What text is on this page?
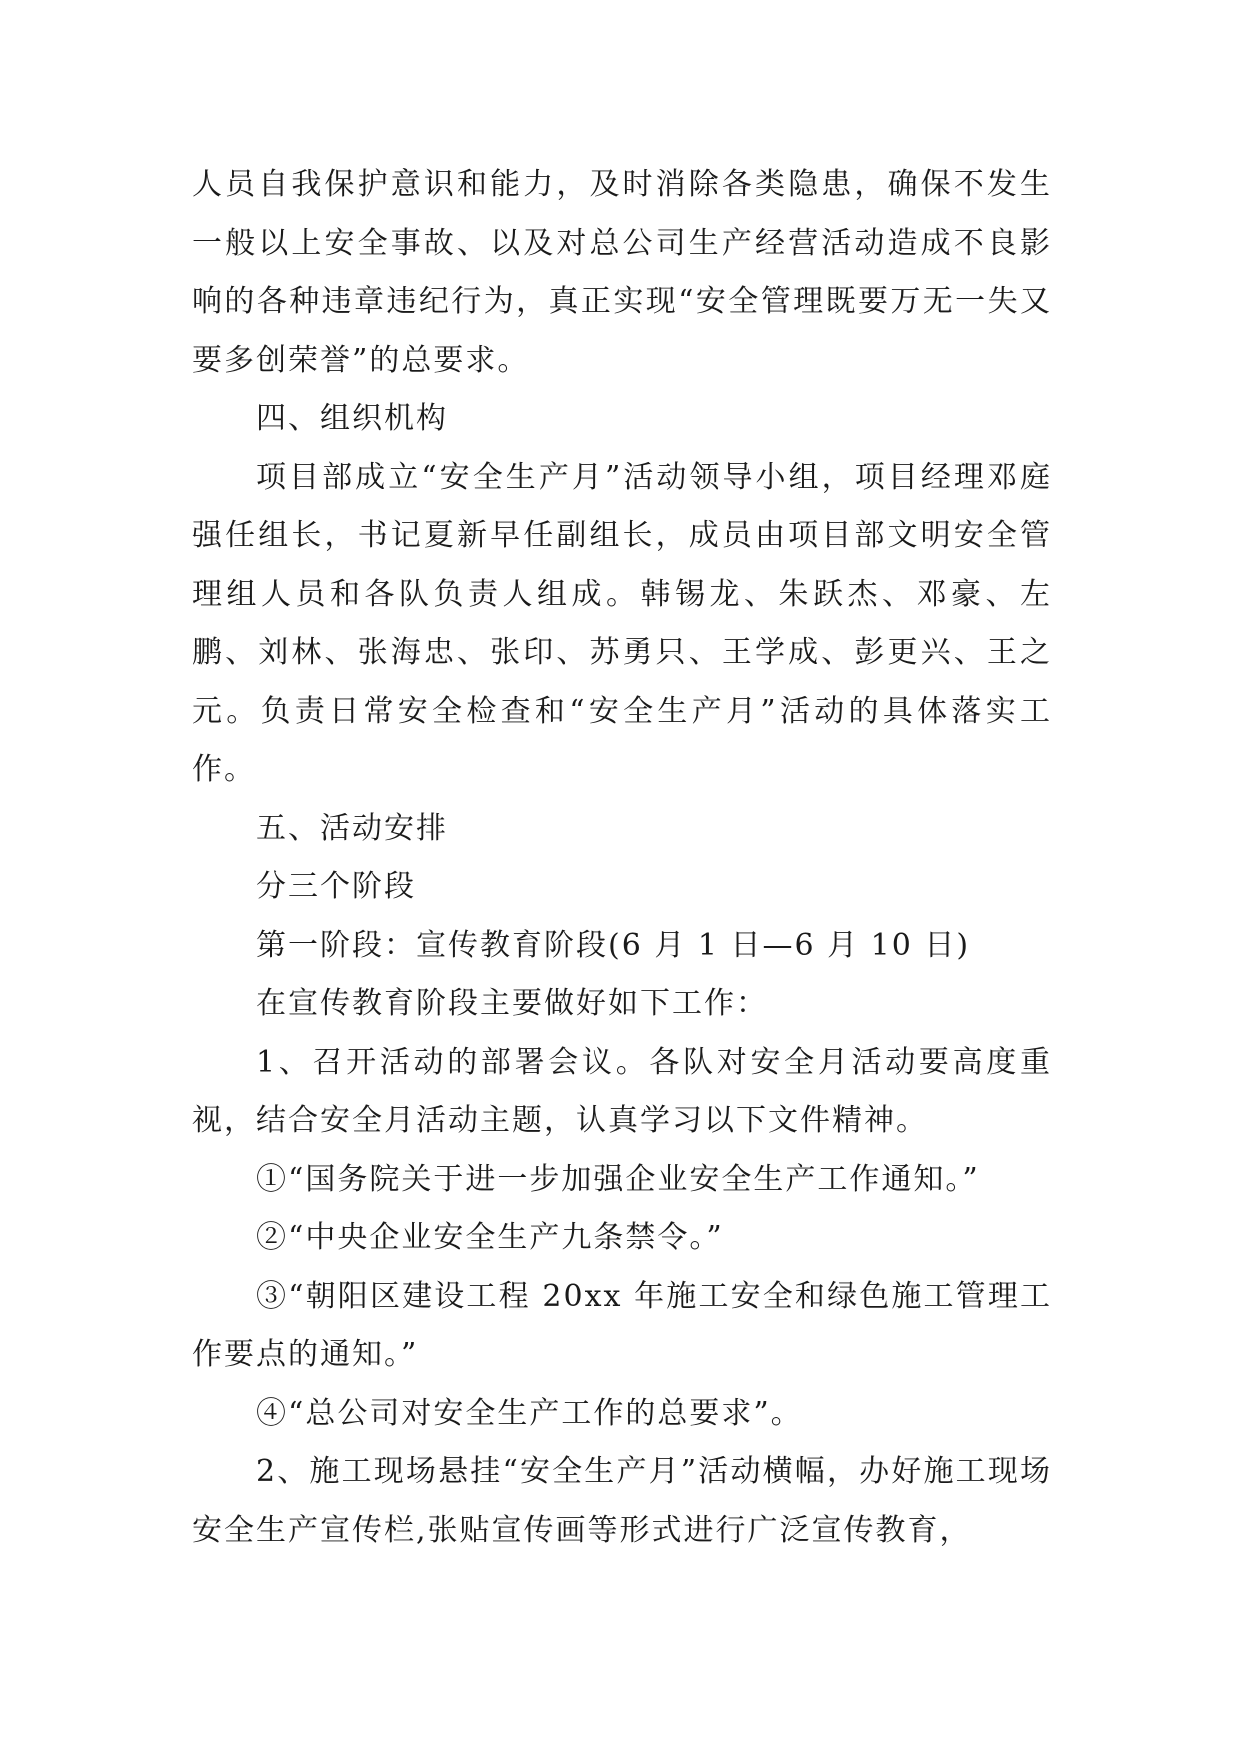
人员自我保护意识和能力，及时消除各类隐患，确保不发生一般以上安全事故、以及对总公司生产经营活动造成不良影响的各种违章违纪行为，真正实现“安全管理既要万无一失又要多创荣誉”的总要求。

四、组织机构

项目部成立“安全生产月”活动领导小组，项目经理邓庭强任组长，书记夏新早任副组长，成员由项目部文明安全管理组人员和各队负责人组成。韩锡龙、朱跃杰、邓豪、左鹏、刘林、张海忠、张印、苏勇只、王学成、彭更兴、王之元。负责日常安全检查和“安全生产月”活动的具体落实工作。

五、活动安排

分三个阶段

第一阶段：宣传教育阶段(6 月 1 日—6 月 10 日)

在宣传教育阶段主要做好如下工作：

1、召开活动的部署会议。各队对安全月活动要高度重视，结合安全月活动主题，认真学习以下文件精神。

①“国务院关于进一步加强企业安全生产工作通知。”

②“中央企业安全生产九条禁令。”

③“朝阳区建设工程 20xx 年施工安全和绿色施工管理工作要点的通知。”

④“总公司对安全生产工作的总要求”。

2、施工现场悬挂“安全生产月”活动横幅，办好施工现场安全生产宣传栏,张贴宣传画等形式进行广泛宣传教育，
